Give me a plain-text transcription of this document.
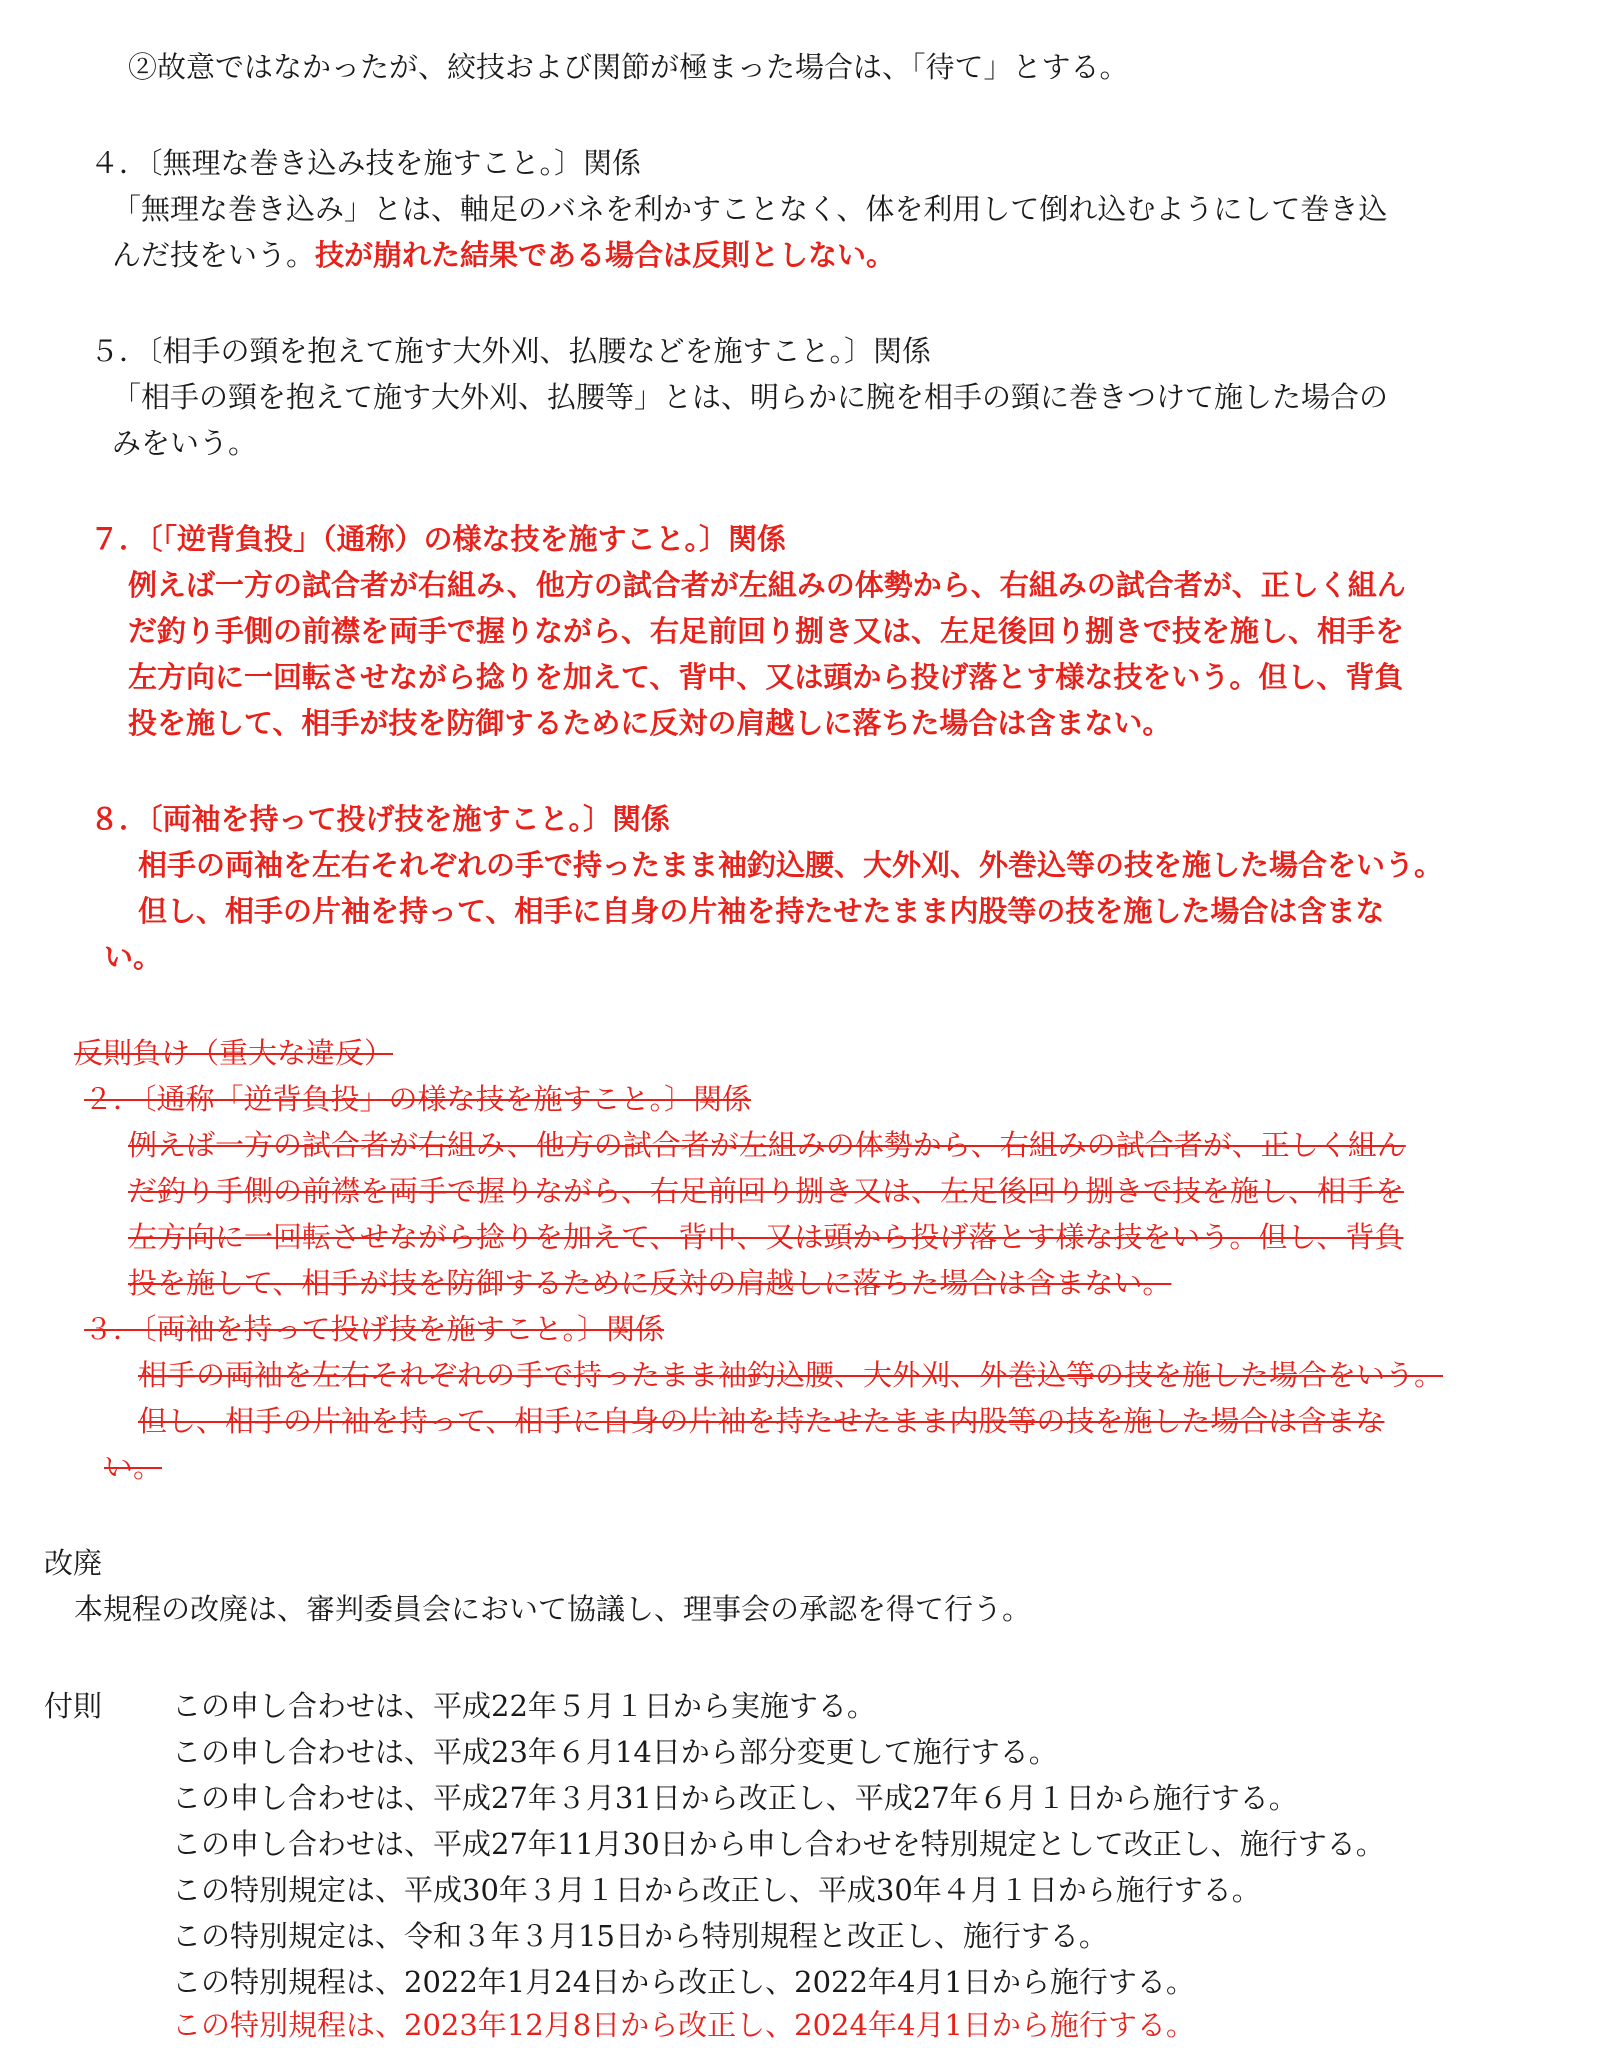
②故意ではなかったが、絞技および関節が極まった場合は、「待て」とする。
４．〔無理な巻き込み技を施すこと。〕関係
「無理な巻き込み」とは、軸足のバネを利かすことなく、体を利用して倒れ込むようにして巻き込
んだ技をいう。技が崩れた結果である場合は反則としない。
５．〔相手の頸を抱えて施す大外刈、払腰などを施すこと。〕関係
「相手の頸を抱えて施す大外刈、払腰等」とは、明らかに腕を相手の頸に巻きつけて施した場合の
みをいう。
７．〔「逆背負投」（通称）の様な技を施すこと。〕関係
例えば一方の試合者が右組み、他方の試合者が左組みの体勢から、右組みの試合者が、正しく組ん
だ釣り手側の前襟を両手で握りながら、右足前回り捌き又は、左足後回り捌きで技を施し、相手を
左方向に一回転させながら捻りを加えて、背中、又は頭から投げ落とす様な技をいう。但し、背負
投を施して、相手が技を防御するために反対の肩越しに落ちた場合は含まない。
８．〔両袖を持って投げ技を施すこと。〕関係
相手の両袖を左右それぞれの手で持ったまま袖釣込腰、大外刈、外巻込等の技を施した場合をいう。
但し、相手の片袖を持って、相手に自身の片袖を持たせたまま内股等の技を施した場合は含まな
い。
反則負け（重大な違反）
２．〔通称「逆背負投」の様な技を施すこと。〕関係
例えば一方の試合者が右組み、他方の試合者が左組みの体勢から、右組みの試合者が、正しく組ん
だ釣り手側の前襟を両手で握りながら、右足前回り捌き又は、左足後回り捌きで技を施し、相手を
左方向に一回転させながら捻りを加えて、背中、又は頭から投げ落とす様な技をいう。但し、背負
投を施して、相手が技を防御するために反対の肩越しに落ちた場合は含まない。
３．〔両袖を持って投げ技を施すこと。〕関係
相手の両袖を左右それぞれの手で持ったまま袖釣込腰、大外刈、外巻込等の技を施した場合をいう。
但し、相手の片袖を持って、相手に自身の片袖を持たせたまま内股等の技を施した場合は含まな
い。
改廃
本規程の改廃は、審判委員会において協議し、理事会の承認を得て行う。
付則 この申し合わせは、平成22年５月１日から実施する。
この申し合わせは、平成23年６月14日から部分変更して施行する。
この申し合わせは、平成27年３月31日から改正し、平成27年６月１日から施行する。
この申し合わせは、平成27年11月30日から申し合わせを特別規定として改正し、施行する。
この特別規定は、平成30年３月１日から改正し、平成30年４月１日から施行する。
この特別規定は、令和３年３月15日から特別規程と改正し、施行する。
この特別規程は、2022年1月24日から改正し、2022年4月1日から施行する。
この特別規程は、2023年12月8日から改正し、2024年4月1日から施行する。
